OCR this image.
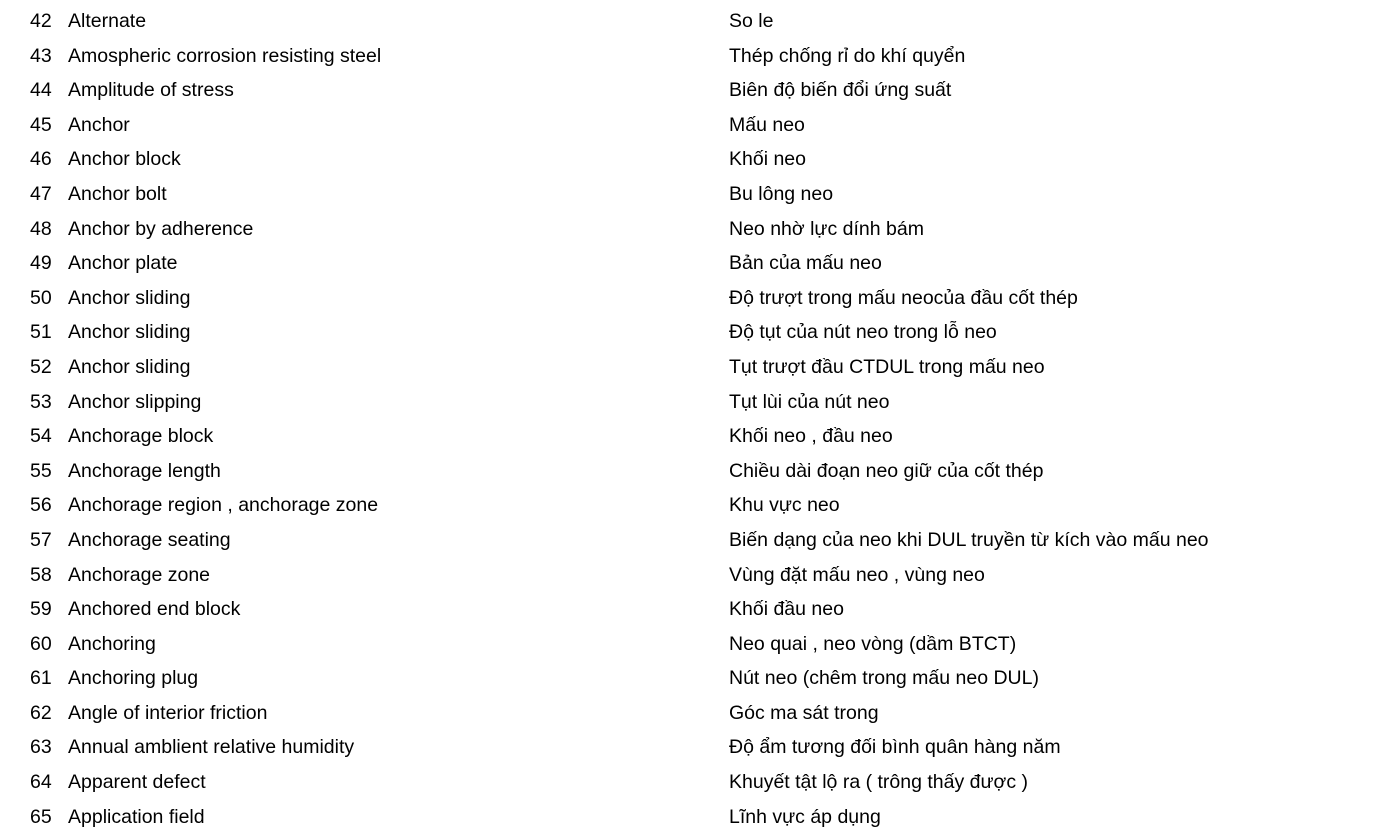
42 Alternate	So le
43 Amospheric corrosion resisting steel	Thép chống rỉ do khí quyển
44 Amplitude of stress	Biên độ biến đổi ứng suất
45 Anchor	Mấu neo
46 Anchor block	Khối neo
47 Anchor bolt	Bu lông neo
48 Anchor by adherence	Neo nhờ lực dính bám
49 Anchor plate	Bản của mấu neo
50 Anchor sliding	Độ trượt trong mấu neocủa đầu cốt thép
51 Anchor sliding	Độ tụt của nút neo trong lỗ neo
52 Anchor sliding	Tụt trượt đầu CTDUL trong mấu neo
53 Anchor slipping	Tụt lùi của nút neo
54 Anchorage block	Khối neo , đầu neo
55 Anchorage length	Chiều dài đoạn neo giữ của cốt thép
56 Anchorage region , anchorage zone	Khu vực neo
57 Anchorage seating	Biến dạng của neo khi DUL truyền từ kích vào mấu neo
58 Anchorage zone	Vùng đặt mấu neo , vùng neo
59 Anchored end block	Khối đầu neo
60 Anchoring	Neo quai , neo vòng (dầm BTCT)
61 Anchoring plug	Nút neo (chêm trong mấu neo DUL)
62 Angle of interior friction	Góc ma sát trong
63 Annual amblient relative humidity	Độ ẩm tương đối bình quân hàng năm
64 Apparent defect	Khuyết tật lộ ra ( trông thấy được )
65 Application field	Lĩnh vực áp dụng
